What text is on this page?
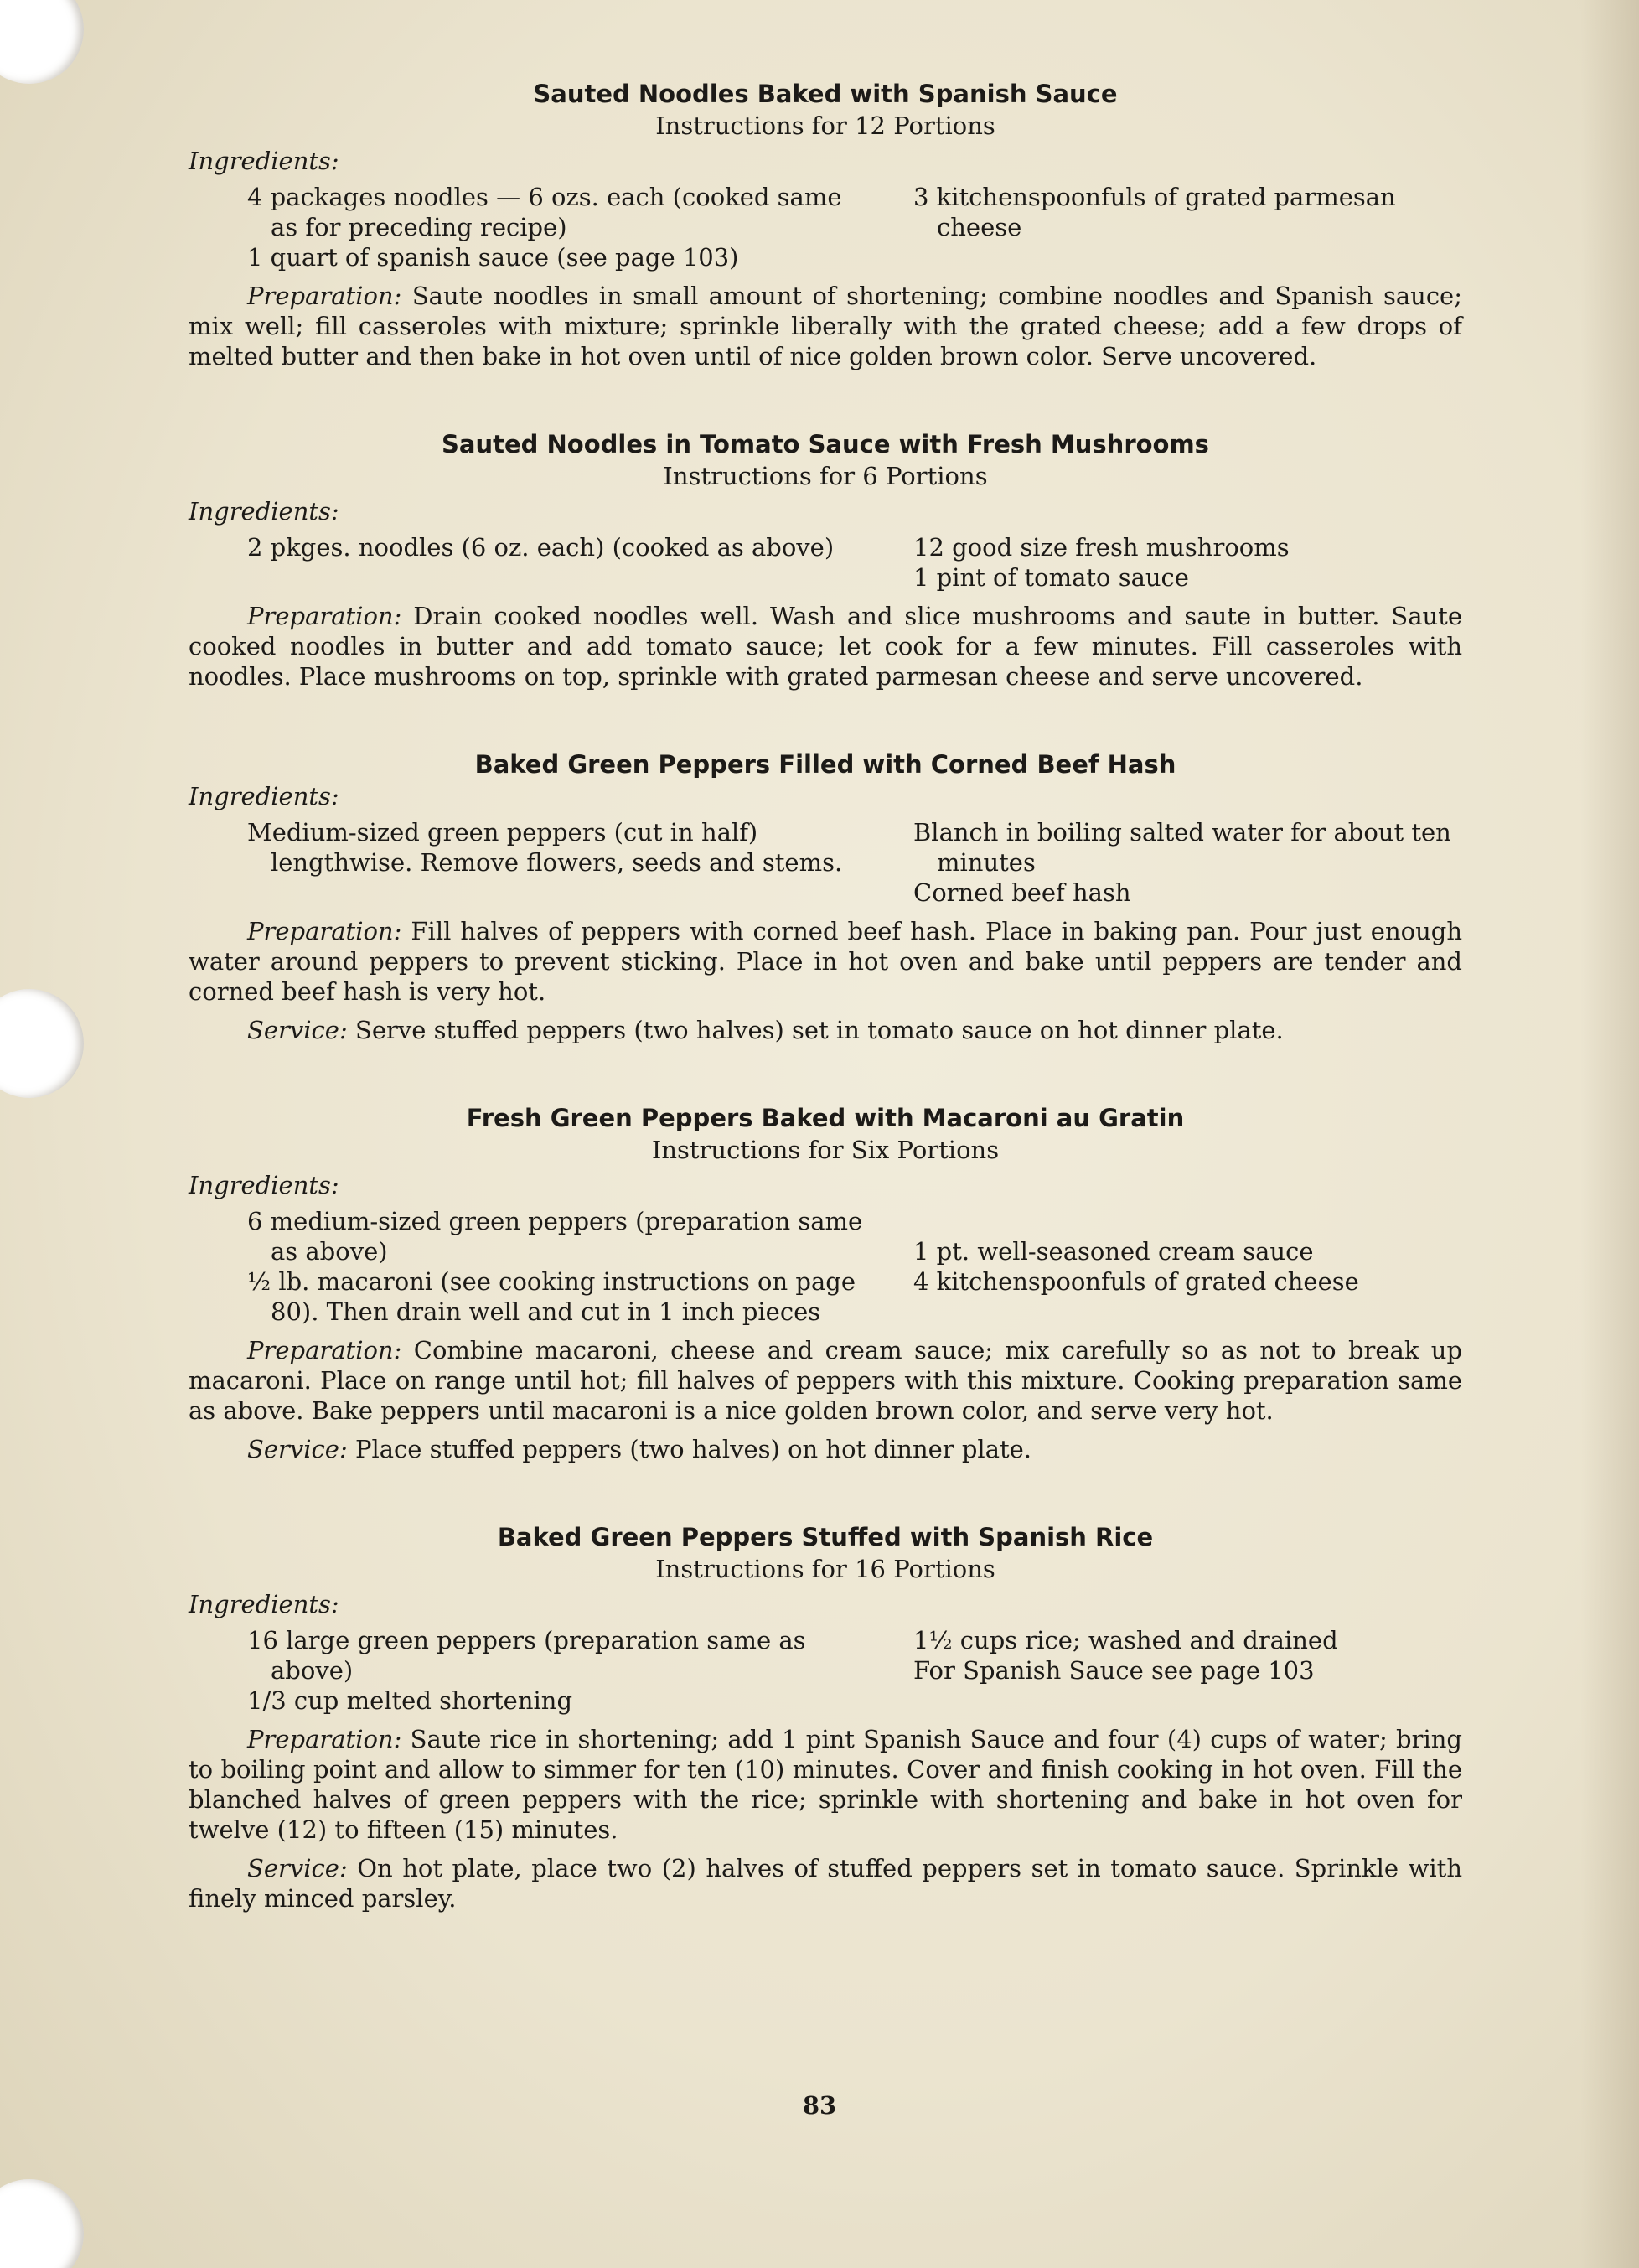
Sauted Noodles Baked with Spanish Sauce
Instructions for 12 Portions
Ingredients:

4 packages noodles — 6 ozs. each (cooked same as for preceding recipe)

1 quart of spanish sauce (see page 103)

3 kitchenspoonfuls of grated parmesan cheese

Preparation: Saute noodles in small amount of shortening; combine noodles and Spanish sauce; mix well; fill casseroles with mixture; sprinkle liberally with the grated cheese; add a few drops of melted butter and then bake in hot oven until of nice golden brown color. Serve uncovered.

Sauted Noodles in Tomato Sauce with Fresh Mushrooms
Instructions for 6 Portions
Ingredients:

2 pkges. noodles (6 oz. each) (cooked as above)	12 good size fresh mushrooms

1 pint of tomato sauce

Preparation: Drain cooked noodles well. Wash and slice mushrooms and saute in butter. Saute cooked noodles in butter and add tomato sauce; let cook for a few minutes. Fill casseroles with noodles. Place mushrooms on top, sprinkle with grated parmesan cheese and serve uncovered.

Baked Green Peppers Filled with Corned Beef Hash
Ingredients:

Medium-sized green peppers (cut in half) lengthwise. Remove flowers, seeds and stems.

Blanch in boiling salted water for about ten minutes

Corned beef hash

Preparation: Fill halves of peppers with corned beef hash. Place in baking pan. Pour just enough water around peppers to prevent sticking. Place in hot oven and bake until peppers are tender and corned beef hash is very hot.

Service: Serve stuffed peppers (two halves) set in tomato sauce on hot dinner plate.

Fresh Green Peppers Baked with Macaroni au Gratin
Instructions for Six Portions
Ingredients:

6 medium-sized green peppers (preparation same as above)

½ lb. macaroni (see cooking instructions on page 80). Then drain well and cut in 1 inch pieces

1 pt. well-seasoned cream sauce

4 kitchenspoonfuls of grated cheese

Preparation: Combine macaroni, cheese and cream sauce; mix carefully so as not to break up macaroni. Place on range until hot; fill halves of peppers with this mixture. Cooking preparation same as above. Bake peppers until macaroni is a nice golden brown color, and serve very hot.

Service: Place stuffed peppers (two halves) on hot dinner plate.

Baked Green Peppers Stuffed with Spanish Rice
Instructions for 16 Portions
Ingredients:

16 large green peppers (preparation same as above)

1/3 cup melted shortening

1½ cups rice; washed and drained

For Spanish Sauce see page 103

Preparation: Saute rice in shortening; add 1 pint Spanish Sauce and four (4) cups of water; bring to boiling point and allow to simmer for ten (10) minutes. Cover and finish cooking in hot oven. Fill the blanched halves of green peppers with the rice; sprinkle with shortening and bake in hot oven for twelve (12) to fifteen (15) minutes.

Service: On hot plate, place two (2) halves of stuffed peppers set in tomato sauce. Sprinkle with finely minced parsley.

83
